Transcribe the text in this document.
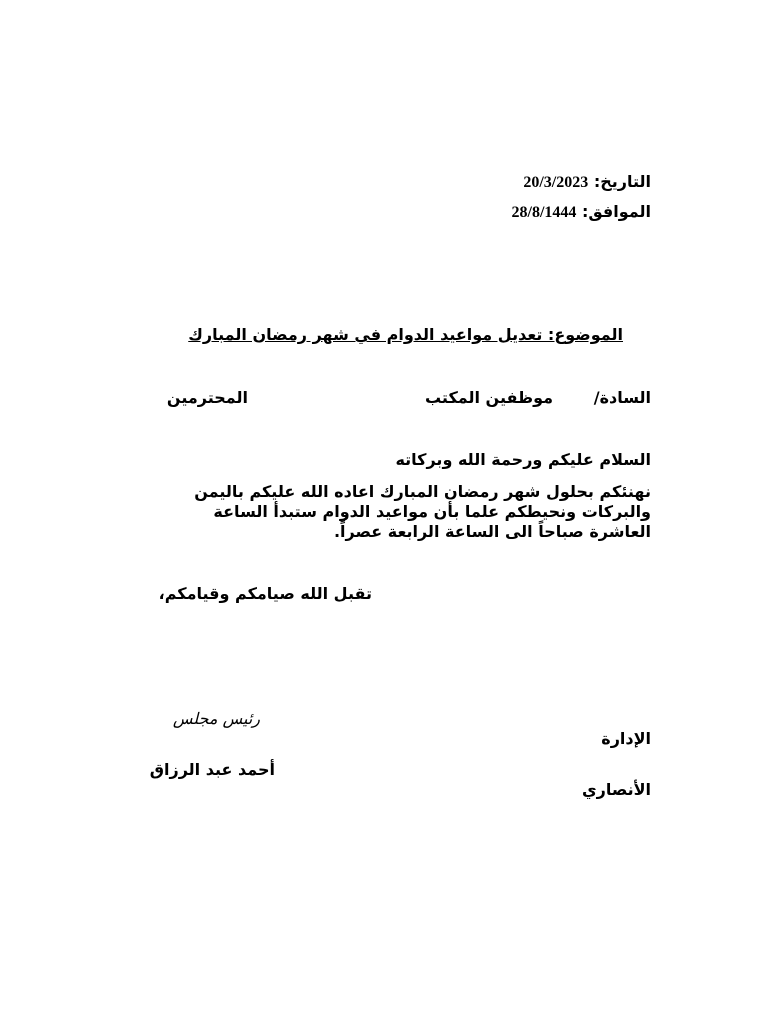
التاريخ: 20/3/2023
الموافق: 28/8/1444
الموضوع: تعديل مواعيد الدوام في شهر رمضان المبارك
السادة/
موظفين المكتب
المحترمين
السلام عليكم ورحمة الله وبركاته
نهنئكم بحلول شهر رمضان المبارك اعاده الله عليكم باليمن
والبركات ونحيطكم علما بأن مواعيد الدوام ستبدأ الساعة
العاشرة صباحاً الى الساعة الرابعة عصراً.
تقبل الله صيامكم وقيامكم،
رئيس مجلس
الإدارة
أحمد عبد الرزاق
الأنصاري
